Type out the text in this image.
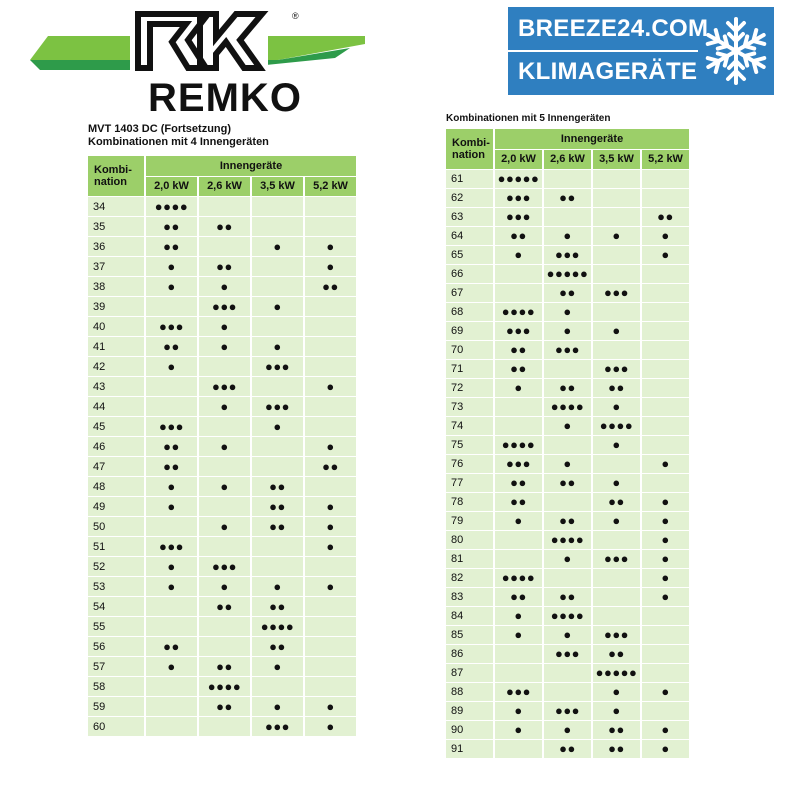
REMKO
®	BREEZE24.COM
KLIMAGERÄTE
MVT 1403 DC (Fortsetzung)
Kombinationen mit 4 Innengeräten
Kombi-
nation	Innengeräte			
	2,0 kW	2,6 kW	3,5 kW	5,2 kW
34	●●●●			
35	●●	●●		
36	●●		●	●
37	●	●●		●
38	●	●		●●
39		●●●	●	
40	●●●	●		
41	●●	●	●	
42	●		●●●	
43		●●●		●
44		●	●●●	
45	●●●		●	
46	●●	●		●
47	●●			●●
48	●	●	●●	
49	●		●●	●
50		●	●●	●
51	●●●			●
52	●	●●●		
53	●	●	●	●
54		●●	●●	
55			●●●●	
56	●●		●●	
57	●	●●	●	
58		●●●●		
59		●●	●	●
60			●●●	●
Kombinationen mit 5 Innengeräten
Kombi-
nation	Innengeräte			
	2,0 kW	2,6 kW	3,5 kW	5,2 kW
61	●●●●●			
62	●●●	●●		
63	●●●			●●
64	●●	●	●	●
65	●	●●●		●
66		●●●●●		
67		●●	●●●	
68	●●●●	●		
69	●●●	●	●	
70	●●	●●●		
71	●●		●●●	
72	●	●●	●●	
73		●●●●	●	
74		●	●●●●	
75	●●●●		●	
76	●●●	●		●
77	●●	●●	●	
78	●●		●●	●
79	●	●●	●	●
80		●●●●		●
81		●	●●●	●
82	●●●●			●
83	●●	●●		●
84	●	●●●●		
85	●	●	●●●	
86		●●●	●●	
87			●●●●●	
88	●●●		●	●
89	●	●●●	●	
90	●	●	●●	●
91		●●	●●	●
